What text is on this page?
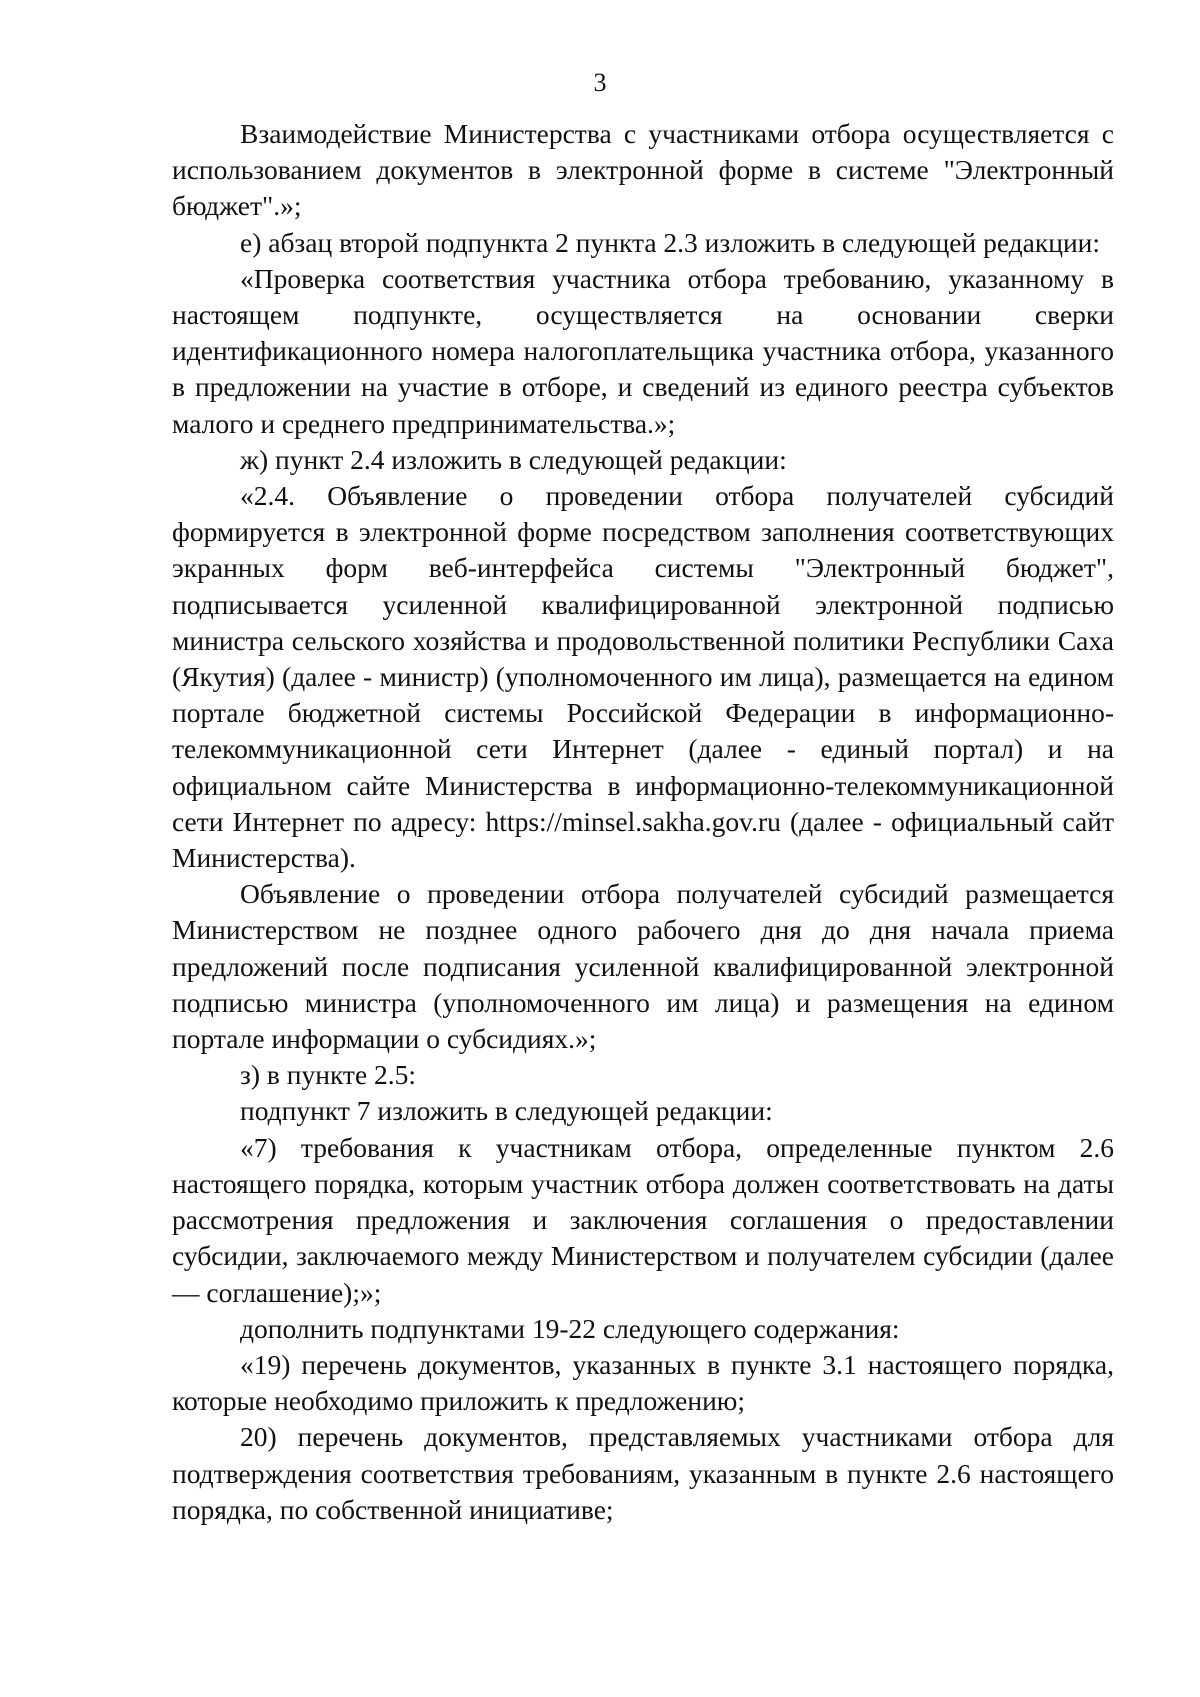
3

Взаимодействие Министерства с участниками отбора осуществляется с использованием документов в электронной форме в системе "Электронный бюджет".»;

е) абзац второй подпункта 2 пункта 2.3 изложить в следующей редакции:

«Проверка соответствия участника отбора требованию, указанному в настоящем подпункте, осуществляется на основании сверки идентификационного номера налогоплательщика участника отбора, указанного в предложении на участие в отборе, и сведений из единого реестра субъектов малого и среднего предпринимательства.»;

ж) пункт 2.4 изложить в следующей редакции:

«2.4. Объявление о проведении отбора получателей субсидий формируется в электронной форме посредством заполнения соответствующих экранных форм веб-интерфейса системы "Электронный бюджет", подписывается усиленной квалифицированной электронной подписью министра сельского хозяйства и продовольственной политики Республики Саха (Якутия) (далее - министр) (уполномоченного им лица), размещается на едином портале бюджетной системы Российской Федерации в информационно-телекоммуникационной сети Интернет (далее - единый портал) и на официальном сайте Министерства в информационно-телекоммуникационной сети Интернет по адресу: https://minsel.sakha.gov.ru (далее - официальный сайт Министерства).

Объявление о проведении отбора получателей субсидий размещается Министерством не позднее одного рабочего дня до дня начала приема предложений после подписания усиленной квалифицированной электронной подписью министра (уполномоченного им лица) и размещения на едином портале информации о субсидиях.»;

з) в пункте 2.5:

подпункт 7 изложить в следующей редакции:

«7) требования к участникам отбора, определенные пунктом 2.6 настоящего порядка, которым участник отбора должен соответствовать на даты рассмотрения предложения и заключения соглашения о предоставлении субсидии, заключаемого между Министерством и получателем субсидии (далее — соглашение);»;

дополнить подпунктами 19-22 следующего содержания:

«19) перечень документов, указанных в пункте 3.1 настоящего порядка, которые необходимо приложить к предложению;

20) перечень документов, представляемых участниками отбора для подтверждения соответствия требованиям, указанным в пункте 2.6 настоящего порядка, по собственной инициативе;
